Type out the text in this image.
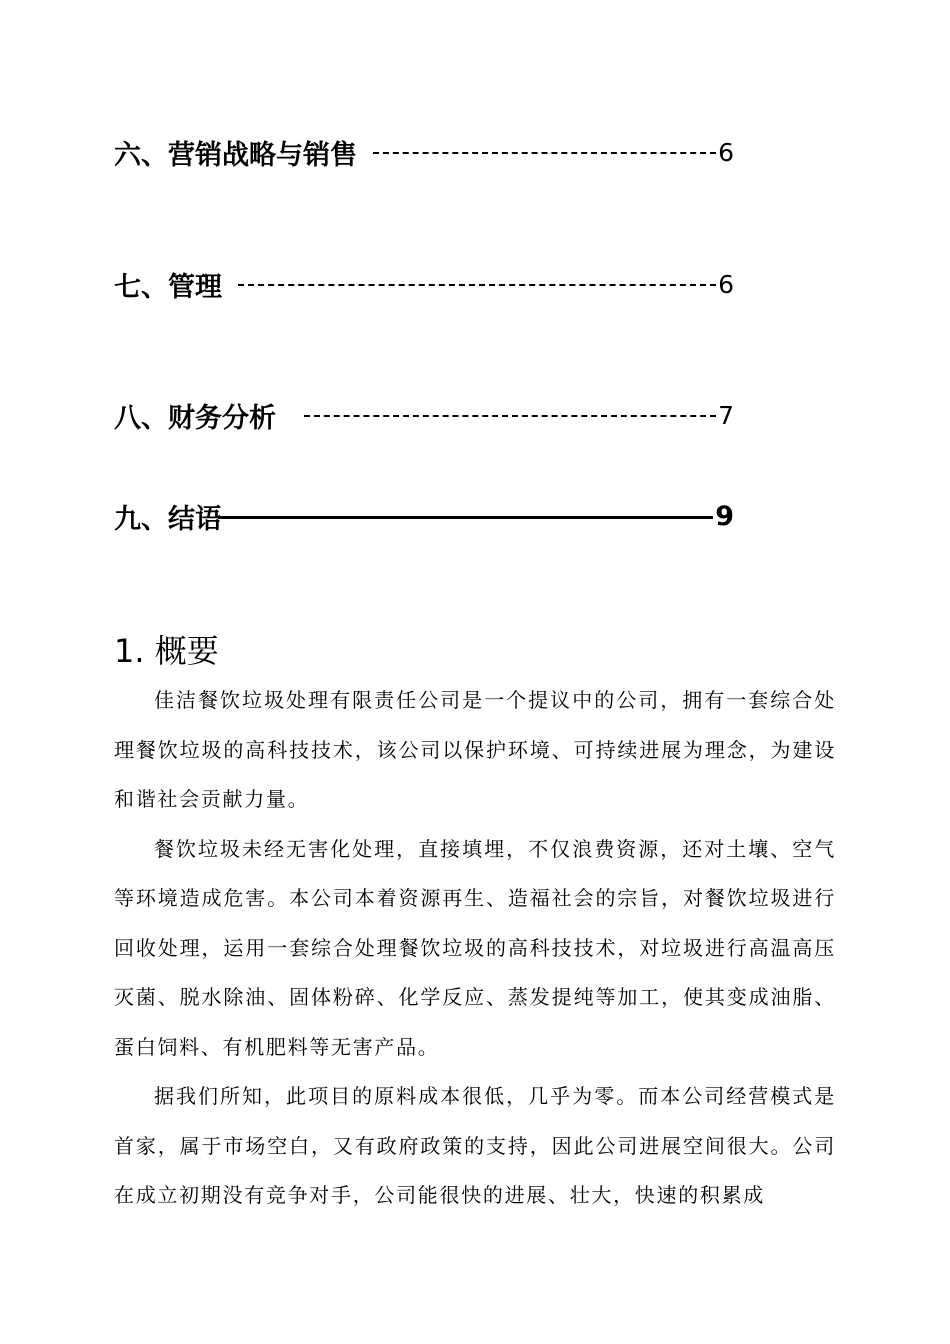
六、营销战略与销售	6
七、管理	6
八、财务分析	7
九、结语	9
1. 概要

佳洁餐饮垃圾处理有限责任公司是一个提议中的公司，拥有一套综合处理餐饮垃圾的高科技技术，该公司以保护环境、可持续进展为理念，为建设和谐社会贡献力量。

餐饮垃圾未经无害化处理，直接填埋，不仅浪费资源，还对土壤、空气等环境造成危害。本公司本着资源再生、造福社会的宗旨，对餐饮垃圾进行回收处理，运用一套综合处理餐饮垃圾的高科技技术，对垃圾进行高温高压灭菌、脱水除油、固体粉碎、化学反应、蒸发提纯等加工，使其变成油脂、蛋白饲料、有机肥料等无害产品。

据我们所知，此项目的原料成本很低，几乎为零。而本公司经营模式是首家，属于市场空白，又有政府政策的支持，因此公司进展空间很大。公司在成立初期没有竞争对手，公司能很快的进展、壮大，快速的积累成
